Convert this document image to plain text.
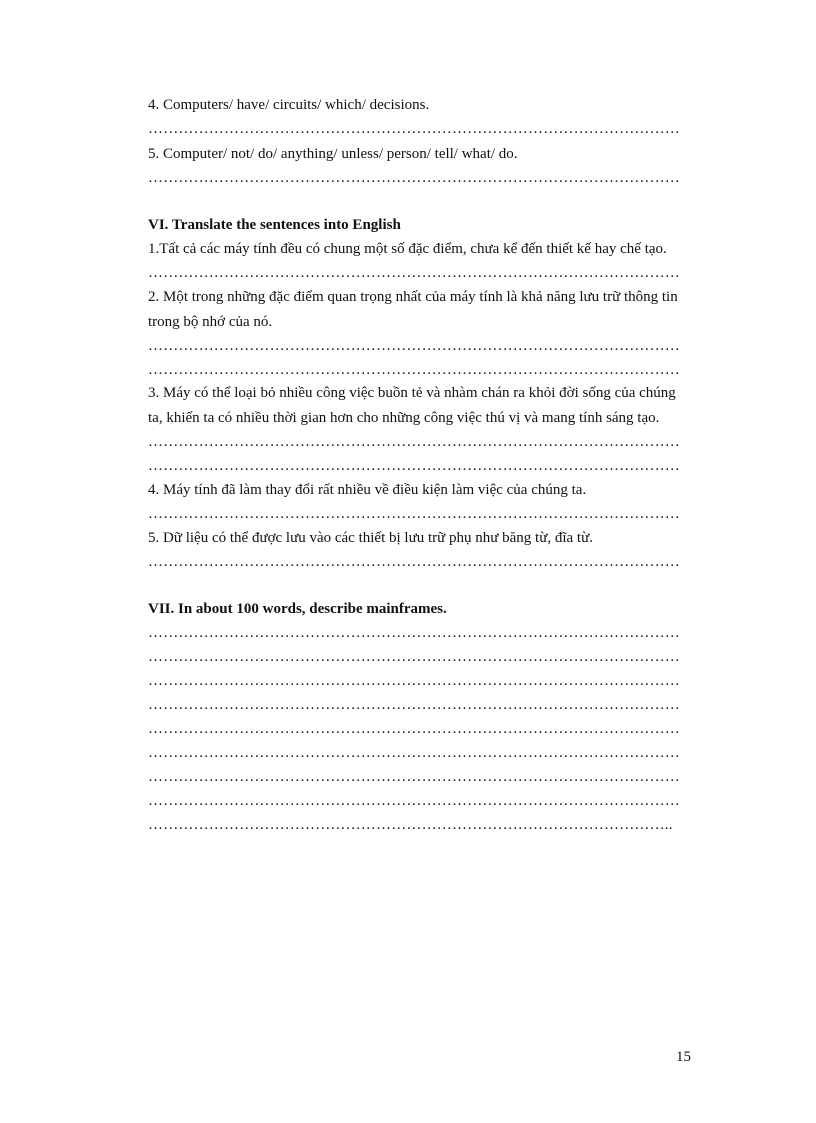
4. Computers/ have/ circuits/ which/ decisions.
……………………………………………………………………………………………
5. Computer/ not/ do/ anything/ unless/ person/ tell/ what/ do.
……………………………………………………………………………………………
VI. Translate the sentences into English
1.Tất cả các máy tính đều có chung một số đặc điểm, chưa kể đến thiết kế hay chế tạo.
……………………………………………………………………………………………
2. Một trong những đặc điểm quan trọng nhất của máy tính là khả năng lưu trữ thông tin
trong bộ nhớ của nó.
……………………………………………………………………………………………
……………………………………………………………………………………………
3. Máy có thể loại bỏ nhiều công việc buồn tẻ và nhàm chán ra khỏi đời sống của chúng
ta, khiến ta có nhiều thời gian hơn cho những công việc thú vị và mang tính sáng tạo.
……………………………………………………………………………………………
……………………………………………………………………………………………
4. Máy tính đã làm thay đổi rất nhiều về điều kiện làm việc của chúng ta.
……………………………………………………………………………………………
5. Dữ liệu có thể được lưu vào các thiết bị lưu trữ phụ như băng từ, đĩa từ.
……………………………………………………………………………………………
VII. In about 100 words, describe mainframes.
……………………………………………………………………………………………
……………………………………………………………………………………………
……………………………………………………………………………………………
……………………………………………………………………………………………
……………………………………………………………………………………………
……………………………………………………………………………………………
……………………………………………………………………………………………
……………………………………………………………………………………………
…………………………………………………………………………………………..
15
